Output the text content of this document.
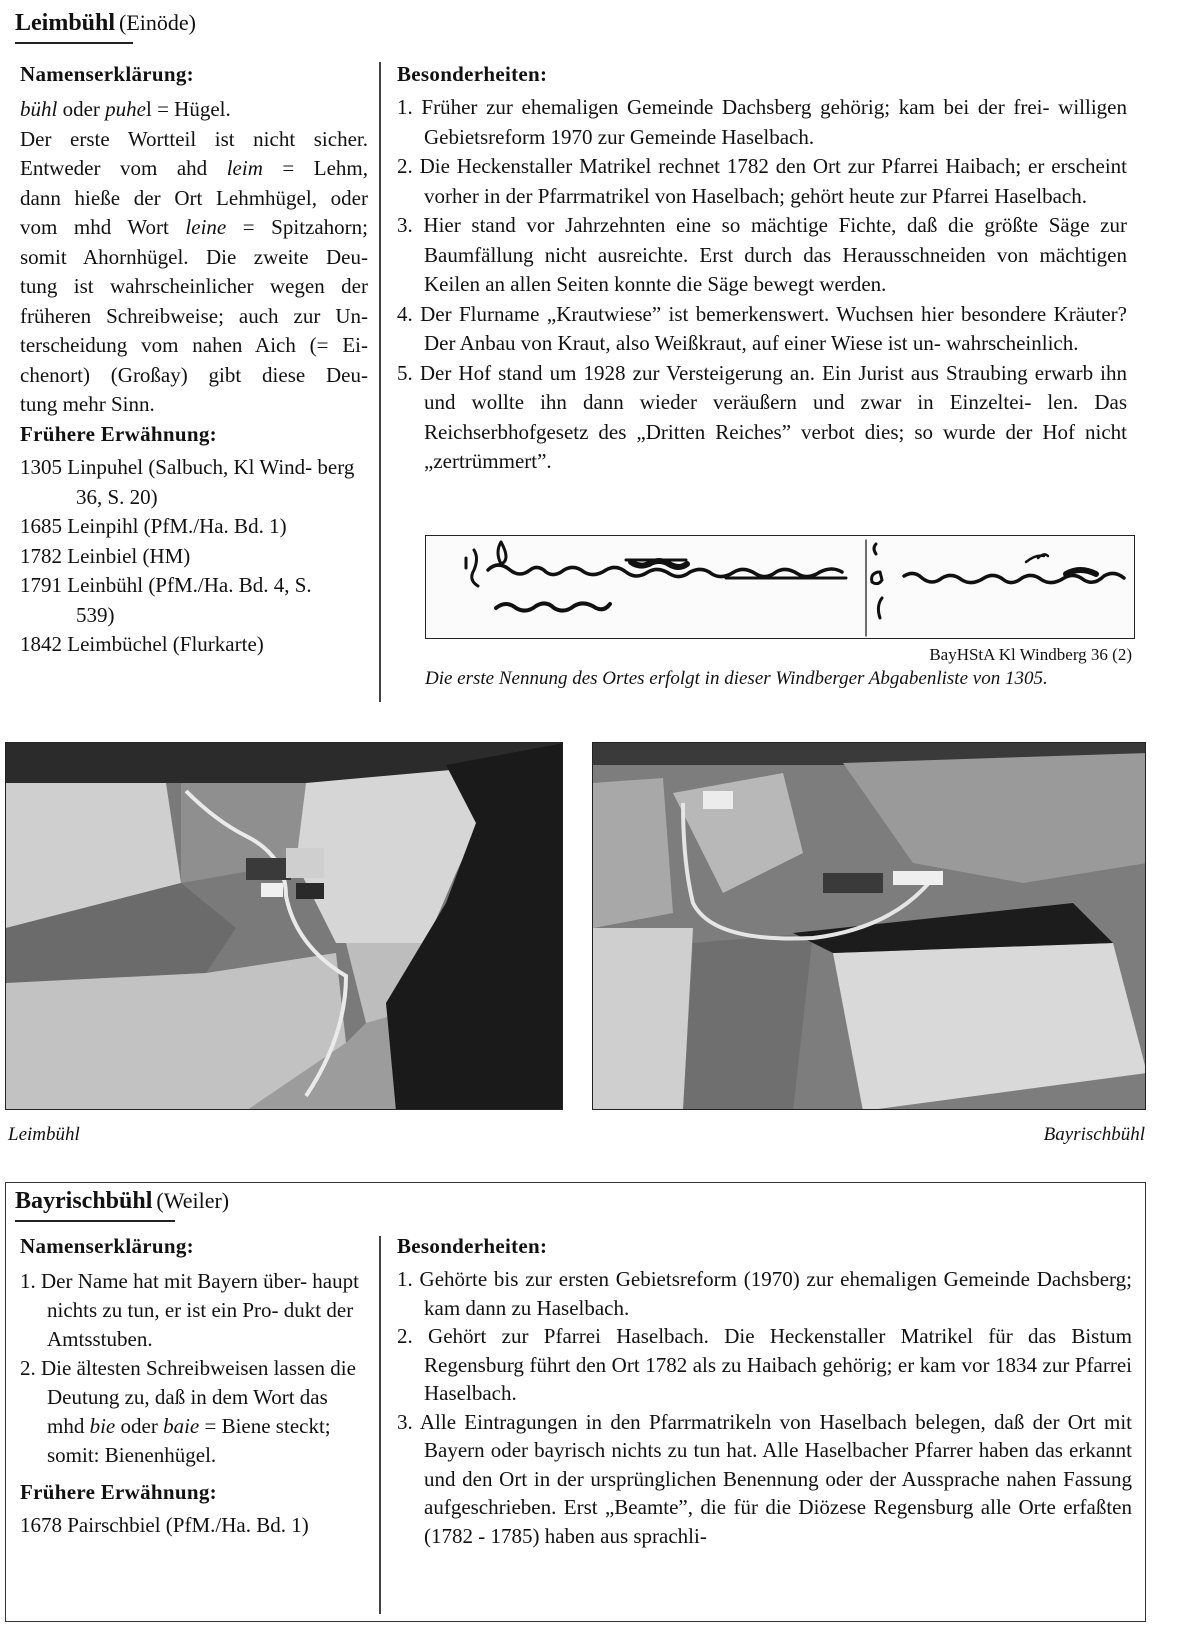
Leimbühl (Einöde)
Namenserklärung:
bühl oder puhel = Hügel.
Der erste Wortteil ist nicht sicher.
Entweder vom ahd leim = Lehm,
dann hieße der Ort Lehmhügel, oder
vom mhd Wort leine = Spitzahorn;
somit Ahornhügel. Die zweite Deu-
tung ist wahrscheinlicher wegen der
früheren Schreibweise; auch zur Un-
terscheidung vom nahen Aich (= Ei-
chenort) (Großay) gibt diese Deu-
tung mehr Sinn.
Frühere Erwähnung:
1305 Linpuhel (Salbuch, Kl Wind- berg 36, S. 20)
1685 Leinpihl (PfM./Ha. Bd. 1)
1782 Leinbiel (HM)
1791 Leinbühl (PfM./Ha. Bd. 4, S. 539)
1842 Leimbüchel (Flurkarte)
Besonderheiten:
1. Früher zur ehemaligen Gemeinde Dachsberg gehörig; kam bei der frei- willigen Gebietsreform 1970 zur Gemeinde Haselbach.
2. Die Heckenstaller Matrikel rechnet 1782 den Ort zur Pfarrei Haibach; er erscheint vorher in der Pfarrmatrikel von Haselbach; gehört heute zur Pfarrei Haselbach.
3. Hier stand vor Jahrzehnten eine so mächtige Fichte, daß die größte Säge zur Baumfällung nicht ausreichte. Erst durch das Herausschneiden von mächtigen Keilen an allen Seiten konnte die Säge bewegt werden.
4. Der Flurname „Krautwiese” ist bemerkenswert. Wuchsen hier besondere Kräuter? Der Anbau von Kraut, also Weißkraut, auf einer Wiese ist un- wahrscheinlich.
5. Der Hof stand um 1928 zur Versteigerung an. Ein Jurist aus Straubing erwarb ihn und wollte ihn dann wieder veräußern und zwar in Einzeltei- len. Das Reichserbhofgesetz des „Dritten Reiches” verbot dies; so wurde der Hof nicht „zertrümmert”.
BayHStA Kl Windberg 36 (2)
Die erste Nennung des Ortes erfolgt in dieser Windberger Abgabenliste von 1305.
Leimbühl	Bayrischbühl
Bayrischbühl (Weiler)
Namenserklärung:
1. Der Name hat mit Bayern über- haupt nichts zu tun, er ist ein Pro- dukt der Amtsstuben.
2. Die ältesten Schreibweisen lassen die Deutung zu, daß in dem Wort das mhd bie oder baie = Biene steckt; somit: Bienenhügel.
Frühere Erwähnung:
1678 Pairschbiel (PfM./Ha. Bd. 1)
Besonderheiten:
1. Gehörte bis zur ersten Gebietsreform (1970) zur ehemaligen Gemeinde Dachsberg; kam dann zu Haselbach.
2. Gehört zur Pfarrei Haselbach. Die Heckenstaller Matrikel für das Bistum Regensburg führt den Ort 1782 als zu Haibach gehörig; er kam vor 1834 zur Pfarrei Haselbach.
3. Alle Eintragungen in den Pfarrmatrikeln von Haselbach belegen, daß der Ort mit Bayern oder bayrisch nichts zu tun hat. Alle Haselbacher Pfarrer haben das erkannt und den Ort in der ursprünglichen Benennung oder der Aussprache nahen Fassung aufgeschrieben. Erst „Beamte”, die für die Diözese Regensburg alle Orte erfaßten (1782 - 1785) haben aus sprachli-
